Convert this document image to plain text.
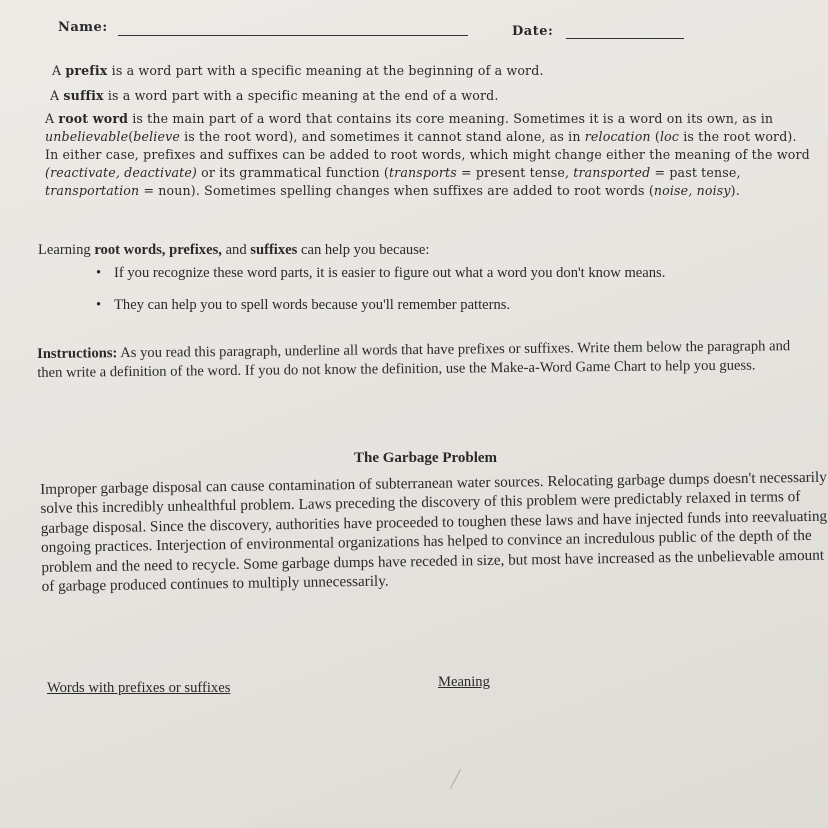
Name:	Date:
A prefix is a word part with a specific meaning at the beginning of a word.
A suffix is a word part with a specific meaning at the end of a word.
A root word is the main part of a word that contains its core meaning. Sometimes it is a word on its own, as in unbelievable(believe is the root word), and sometimes it cannot stand alone, as in relocation (loc is the root word). In either case, prefixes and suffixes can be added to root words, which might change either the meaning of the word (reactivate, deactivate) or its grammatical function (transports = present tense, transported = past tense, transportation = noun). Sometimes spelling changes when suffixes are added to root words (noise, noisy).
Learning root words, prefixes, and suffixes can help you because:
• If you recognize these word parts, it is easier to figure out what a word you don't know means.
• They can help you to spell words because you'll remember patterns.
Instructions: As you read this paragraph, underline all words that have prefixes or suffixes. Write them below the paragraph and then write a definition of the word. If you do not know the definition, use the Make-a-Word Game Chart to help you guess.
The Garbage Problem
Improper garbage disposal can cause contamination of subterranean water sources. Relocating garbage dumps doesn't necessarily solve this incredibly unhealthful problem. Laws preceding the discovery of this problem were predictably relaxed in terms of garbage disposal. Since the discovery, authorities have proceeded to toughen these laws and have injected funds into reevaluating ongoing practices. Interjection of environmental organizations has helped to convince an incredulous public of the depth of the problem and the need to recycle. Some garbage dumps have receded in size, but most have increased as the unbelievable amount of garbage produced continues to multiply unnecessarily.
Words with prefixes or suffixes	Meaning
